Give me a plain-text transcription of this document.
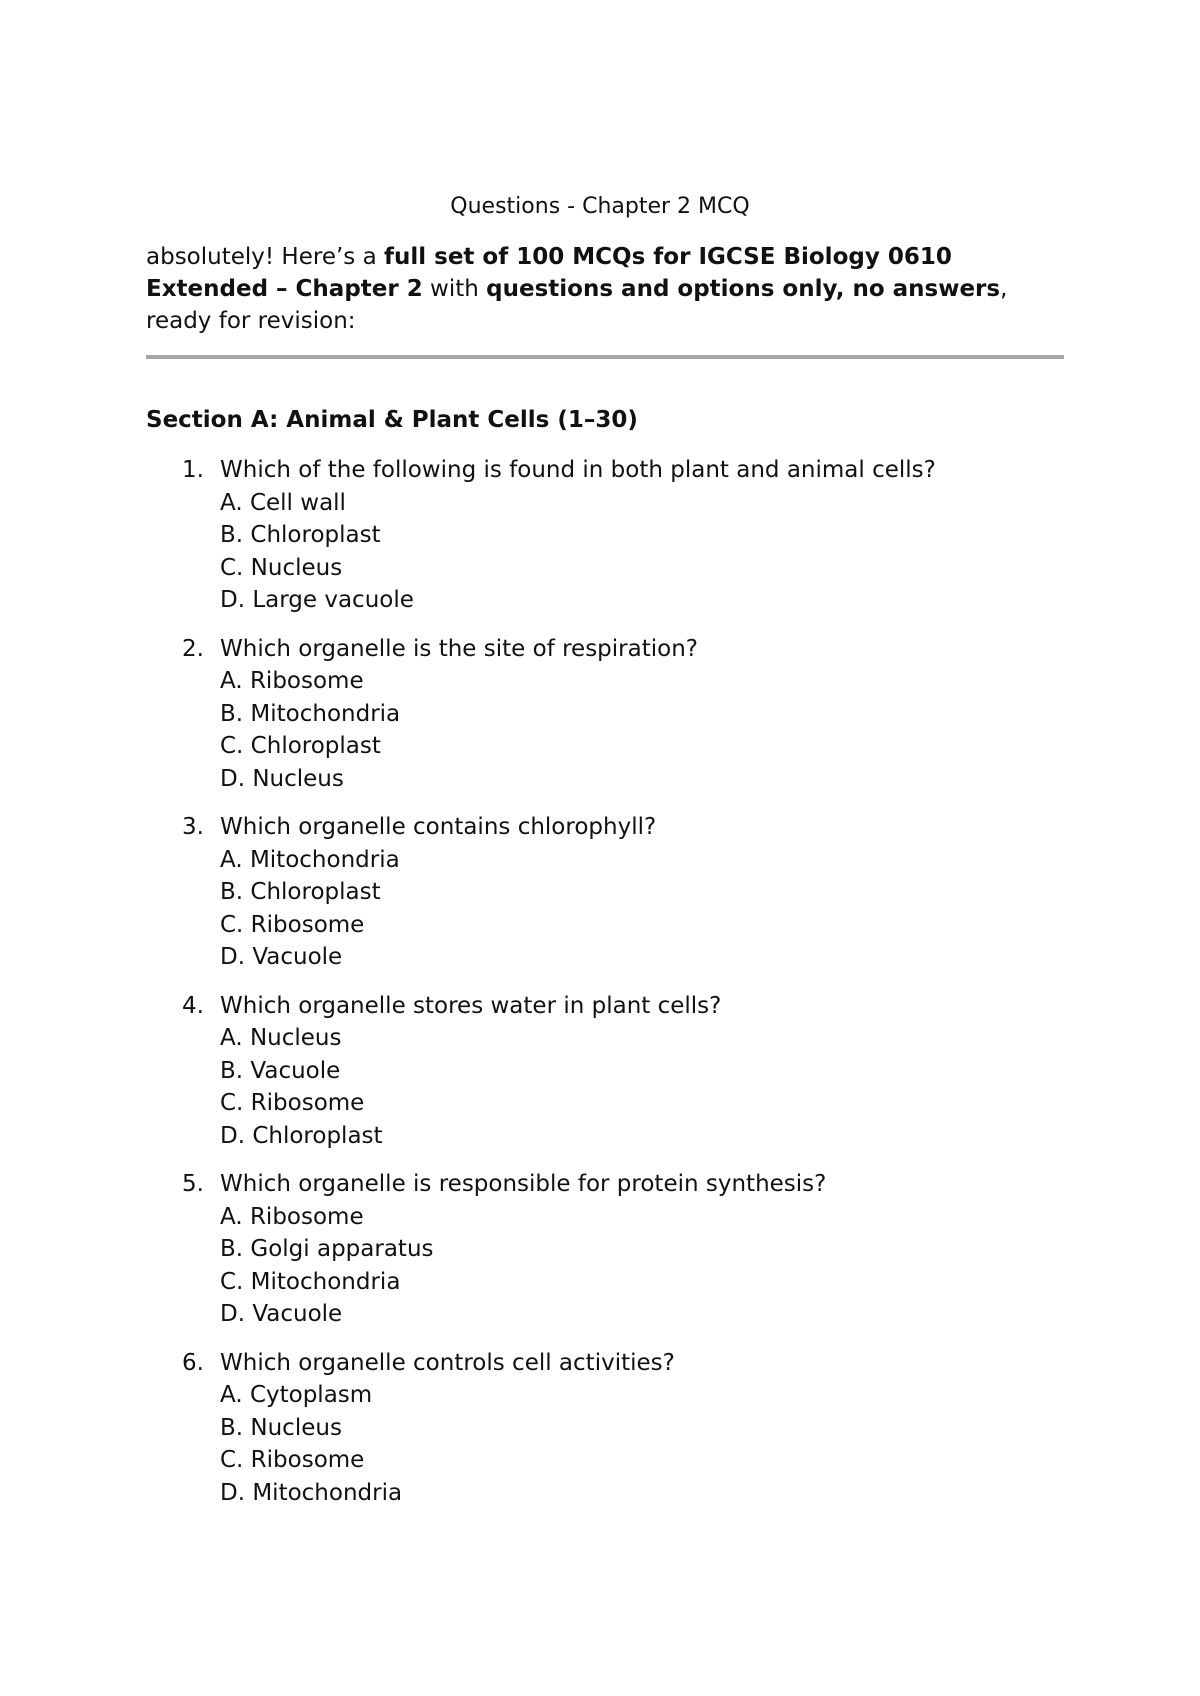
Questions - Chapter 2 MCQ
absolutely! Here’s a full set of 100 MCQs for IGCSE Biology 0610 Extended – Chapter 2 with questions and options only, no answers, ready for revision:
Section A: Animal & Plant Cells (1–30)
1. Which of the following is found in both plant and animal cells?
A. Cell wall
B. Chloroplast
C. Nucleus
D. Large vacuole
2. Which organelle is the site of respiration?
A. Ribosome
B. Mitochondria
C. Chloroplast
D. Nucleus
3. Which organelle contains chlorophyll?
A. Mitochondria
B. Chloroplast
C. Ribosome
D. Vacuole
4. Which organelle stores water in plant cells?
A. Nucleus
B. Vacuole
C. Ribosome
D. Chloroplast
5. Which organelle is responsible for protein synthesis?
A. Ribosome
B. Golgi apparatus
C. Mitochondria
D. Vacuole
6. Which organelle controls cell activities?
A. Cytoplasm
B. Nucleus
C. Ribosome
D. Mitochondria
